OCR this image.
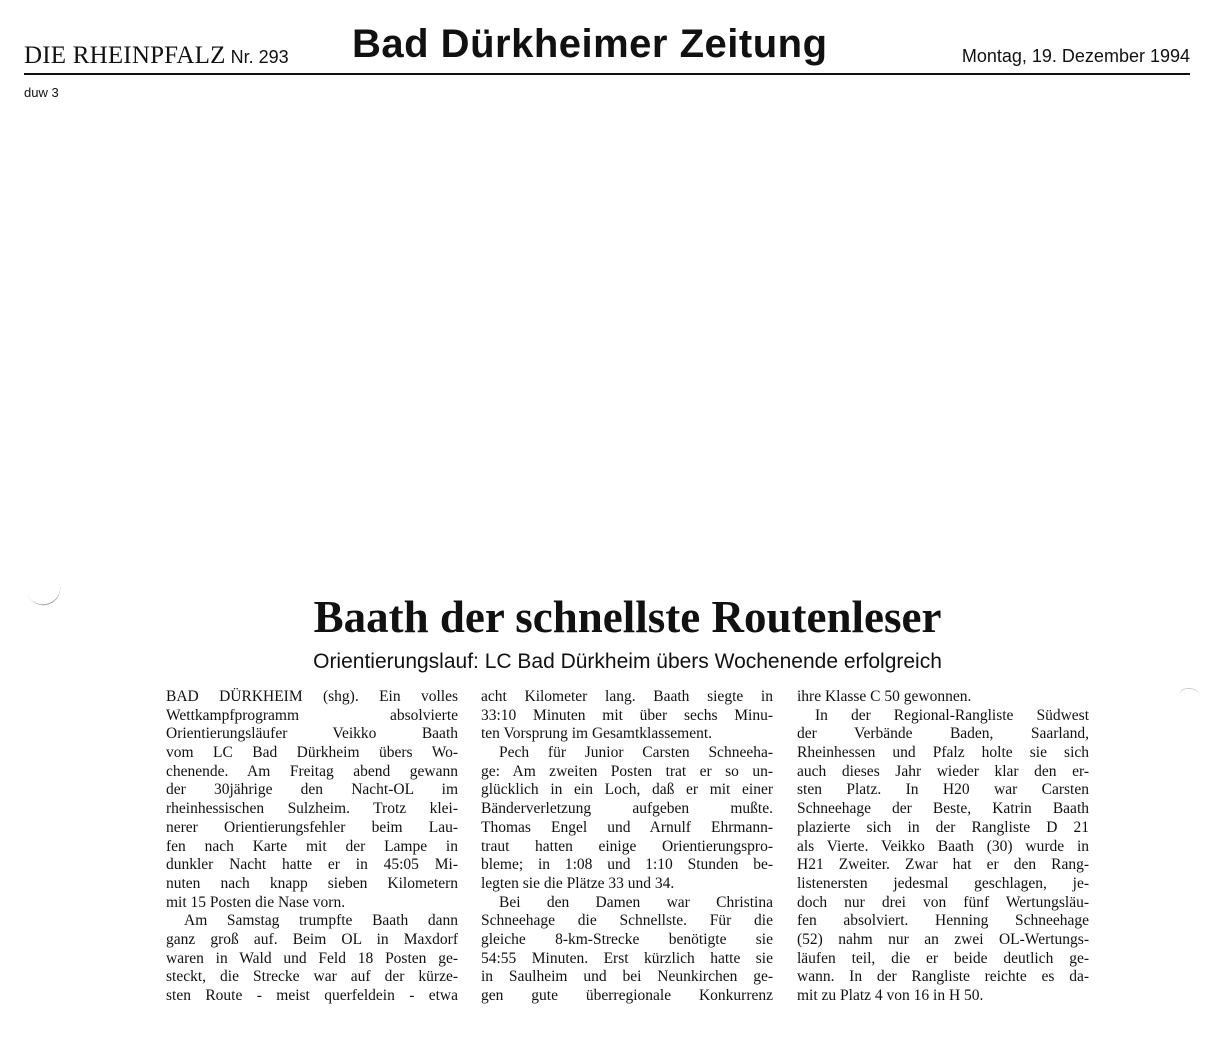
DIE RHEINPFALZ Nr. 293 Bad Dürkheimer Zeitung	Montag, 19. Dezember 1994
duw 3
Baath der schnellste Routenleser
Orientierungslauf: LC Bad Dürkheim übers Wochenende erfolgreich
BAD DÜRKHEIM (shg). Ein volles
Wettkampfprogramm absolvierte
Orientierungsläufer Veikko Baath
vom LC Bad Dürkheim übers Wo-
chenende. Am Freitag abend gewann
der 30jährige den Nacht-OL im
rheinhessischen Sulzheim. Trotz klei-
nerer Orientierungsfehler beim Lau-
fen nach Karte mit der Lampe in
dunkler Nacht hatte er in 45:05 Mi-
nuten nach knapp sieben Kilometern
mit 15 Posten die Nase vorn.
Am Samstag trumpfte Baath dann
ganz groß auf. Beim OL in Maxdorf
waren in Wald und Feld 18 Posten ge-
steckt, die Strecke war auf der kürze-
sten Route - meist querfeldein - etwa
acht Kilometer lang. Baath siegte in
33:10 Minuten mit über sechs Minu-
ten Vorsprung im Gesamtklassement.
Pech für Junior Carsten Schneeha-
ge: Am zweiten Posten trat er so un-
glücklich in ein Loch, daß er mit einer
Bänderverletzung aufgeben mußte.
Thomas Engel und Arnulf Ehrmann-
traut hatten einige Orientierungspro-
bleme; in 1:08 und 1:10 Stunden be-
legten sie die Plätze 33 und 34.
Bei den Damen war Christina
Schneehage die Schnellste. Für die
gleiche 8-km-Strecke benötigte sie
54:55 Minuten. Erst kürzlich hatte sie
in Saulheim und bei Neunkirchen ge-
gen gute überregionale Konkurrenz
ihre Klasse C 50 gewonnen.
In der Regional-Rangliste Südwest
der Verbände Baden, Saarland,
Rheinhessen und Pfalz holte sie sich
auch dieses Jahr wieder klar den er-
sten Platz. In H20 war Carsten
Schneehage der Beste, Katrin Baath
plazierte sich in der Rangliste D 21
als Vierte. Veikko Baath (30) wurde in
H21 Zweiter. Zwar hat er den Rang-
listenersten jedesmal geschlagen, je-
doch nur drei von fünf Wertungsläu-
fen absolviert. Henning Schneehage
(52) nahm nur an zwei OL-Wertungs-
läufen teil, die er beide deutlich ge-
wann. In der Rangliste reichte es da-
mit zu Platz 4 von 16 in H 50.
